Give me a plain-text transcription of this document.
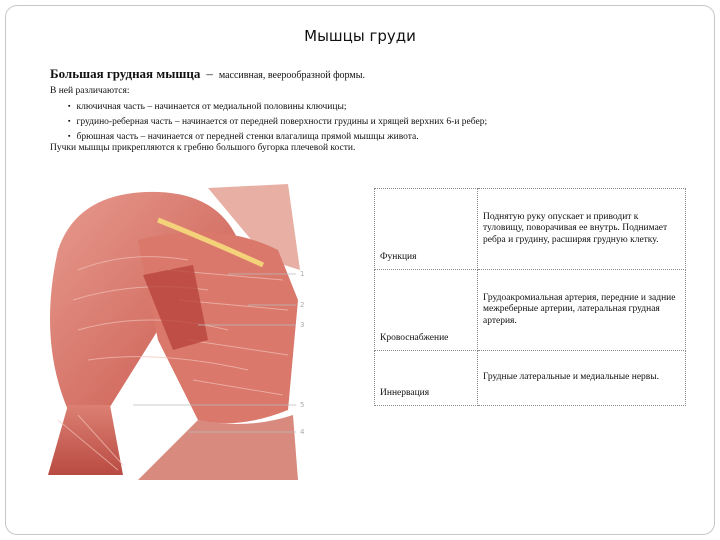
Мышцы груди
Большая грудная мышца – массивная, веерообразной формы.
В ней различаются:
▪ ключичная часть – начинается от медиальной половины ключицы;
▪ грудино-реберная часть – начинается от передней поверхности грудины и хрящей верхних 6-и ребер;
▪ брюшная часть – начинается от передней стенки влагалища прямой мышцы живота.
Пучки мышцы прикрепляются к гребню большого бугорка плечевой кости.
1
2
3
5
4
Функция	Поднятую руку опускает и приводит к туловищу, поворачивая ее внутрь. Поднимает ребра и грудину, расширяя грудную клетку.
Кровоснабжение	Грудоакромиальная артерия, передние и задние межреберные артерии, латеральная грудная артерия.
Иннервация	Грудные латеральные и медиальные нервы.
